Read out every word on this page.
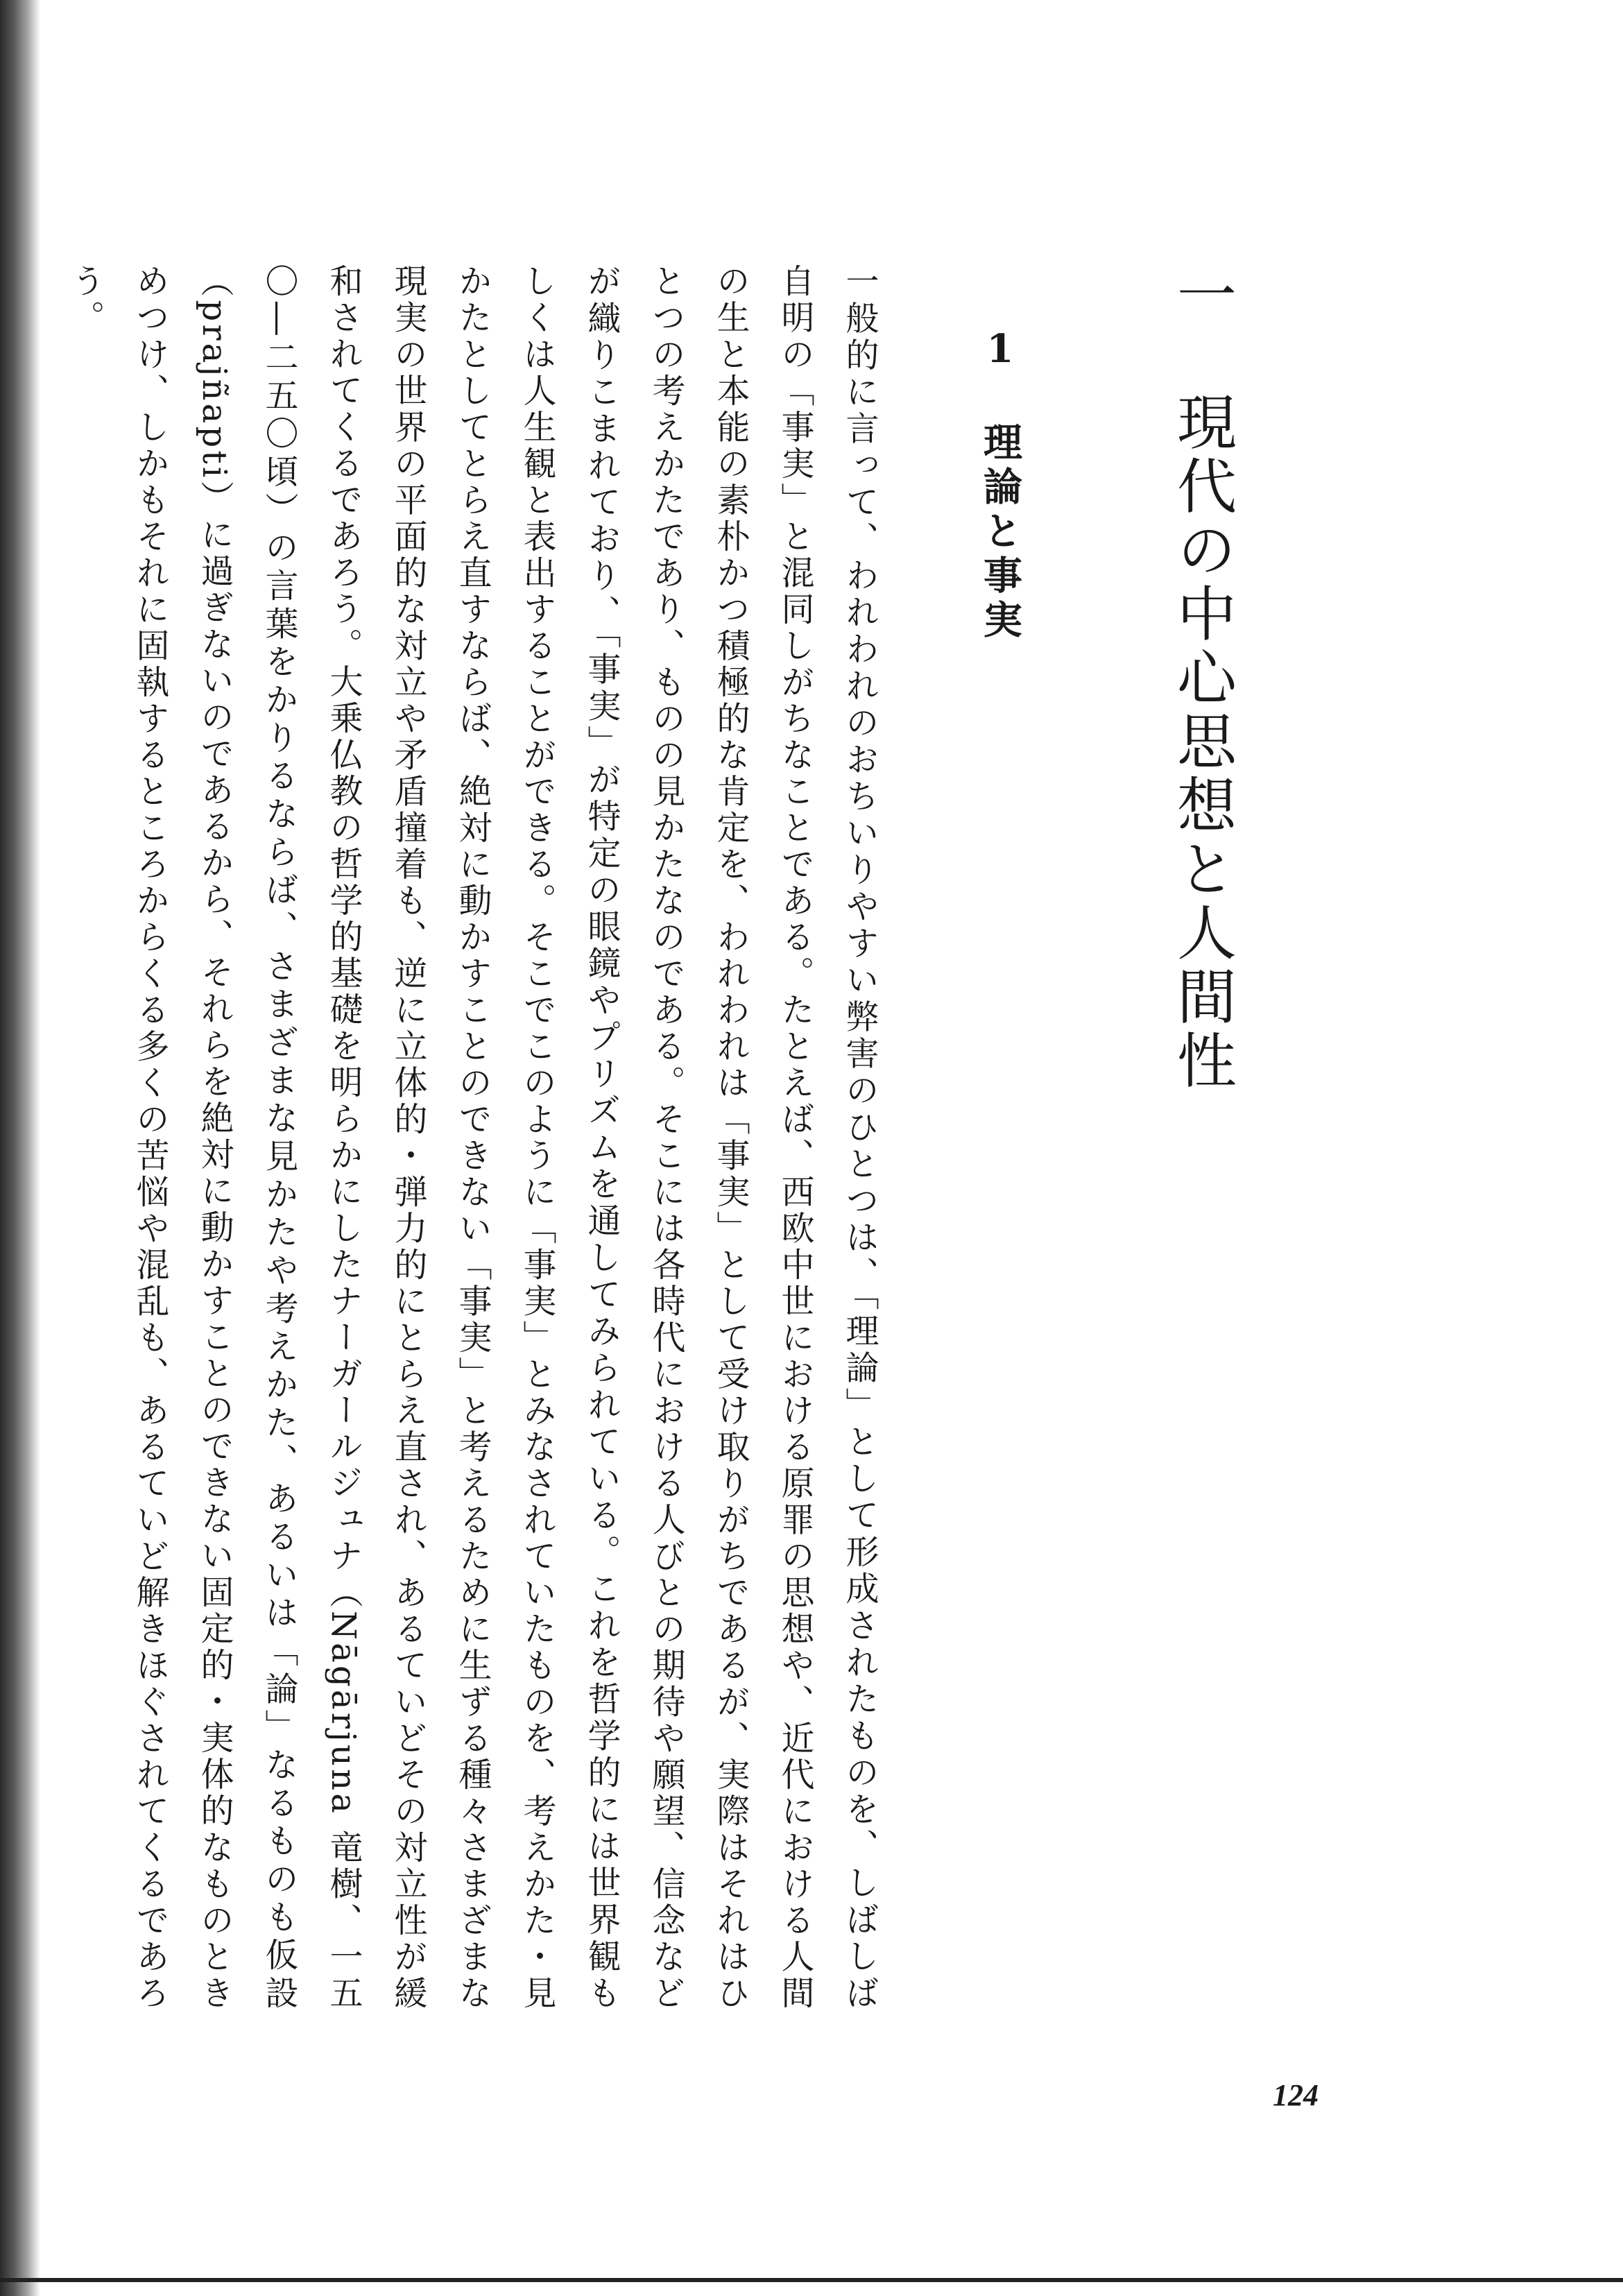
一　現代の中心思想と人間性
1　理論と事実

一般的に言って、われわれのおちいりやすい弊害のひとつは、「理論」として形成されたものを、しばしば自明の「事実」と混同しがちなことである。たとえば、西欧中世における原罪の思想や、近代における人間の生と本能の素朴かつ積極的な肯定を、われわれは「事実」として受け取りがちであるが、実際はそれはひとつの考えかたであり、ものの見かたなのである。そこには各時代における人びとの期待や願望、信念などが織りこまれており、「事実」が特定の眼鏡やプリズムを通してみられている。これを哲学的には世界観もしくは人生観と表出することができる。そこでこのように「事実」とみなされていたものを、考えかた・見かたとしてとらえ直すならば、絶対に動かすことのできない「事実」と考えるために生ずる種々さまざまな現実の世界の平面的な対立や矛盾撞着も、逆に立体的・弾力的にとらえ直され、あるていどその対立性が緩和されてくるであろう。大乗仏教の哲学的基礎を明らかにしたナーガールジュナ（Nāgārjuna 竜樹、一五〇―二五〇頃）の言葉をかりるならば、さまざまな見かたや考えかた、あるいは「論」なるものも仮設（prajñapti）に過ぎないのであるから、それらを絶対に動かすことのできない固定的・実体的なものときめつけ、しかもそれに固執するところからくる多くの苦悩や混乱も、あるていど解きほぐされてくるであろう。

124
